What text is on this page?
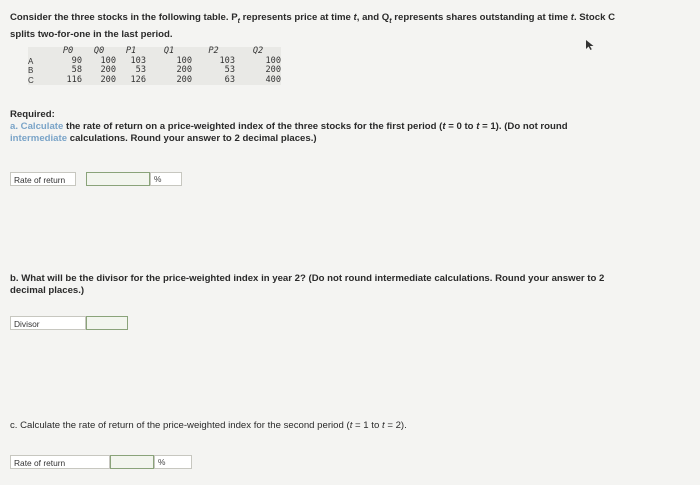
Consider the three stocks in the following table. $P_t$ represents price at time t, and $Q_t$ represents shares outstanding at time t. Stock C
splits two-for-one in the last period.
	P0	Q0	P1	Q1	P2	Q2
A	90	100	103	100	103	100
B	58	200	53	200	53	200
C	116	200	126	200	63	400
Required:
a. Calculate the rate of return on a price-weighted index of the three stocks for the first period (t = 0 to t = 1). (Do not round
intermediate calculations. Round your answer to 2 decimal places.)
Rate of return	%
b. What will be the divisor for the price-weighted index in year 2? (Do not round intermediate calculations. Round your answer to 2
decimal places.)
Divisor
c. Calculate the rate of return of the price-weighted index for the second period (t = 1 to t = 2).
Rate of return	%
